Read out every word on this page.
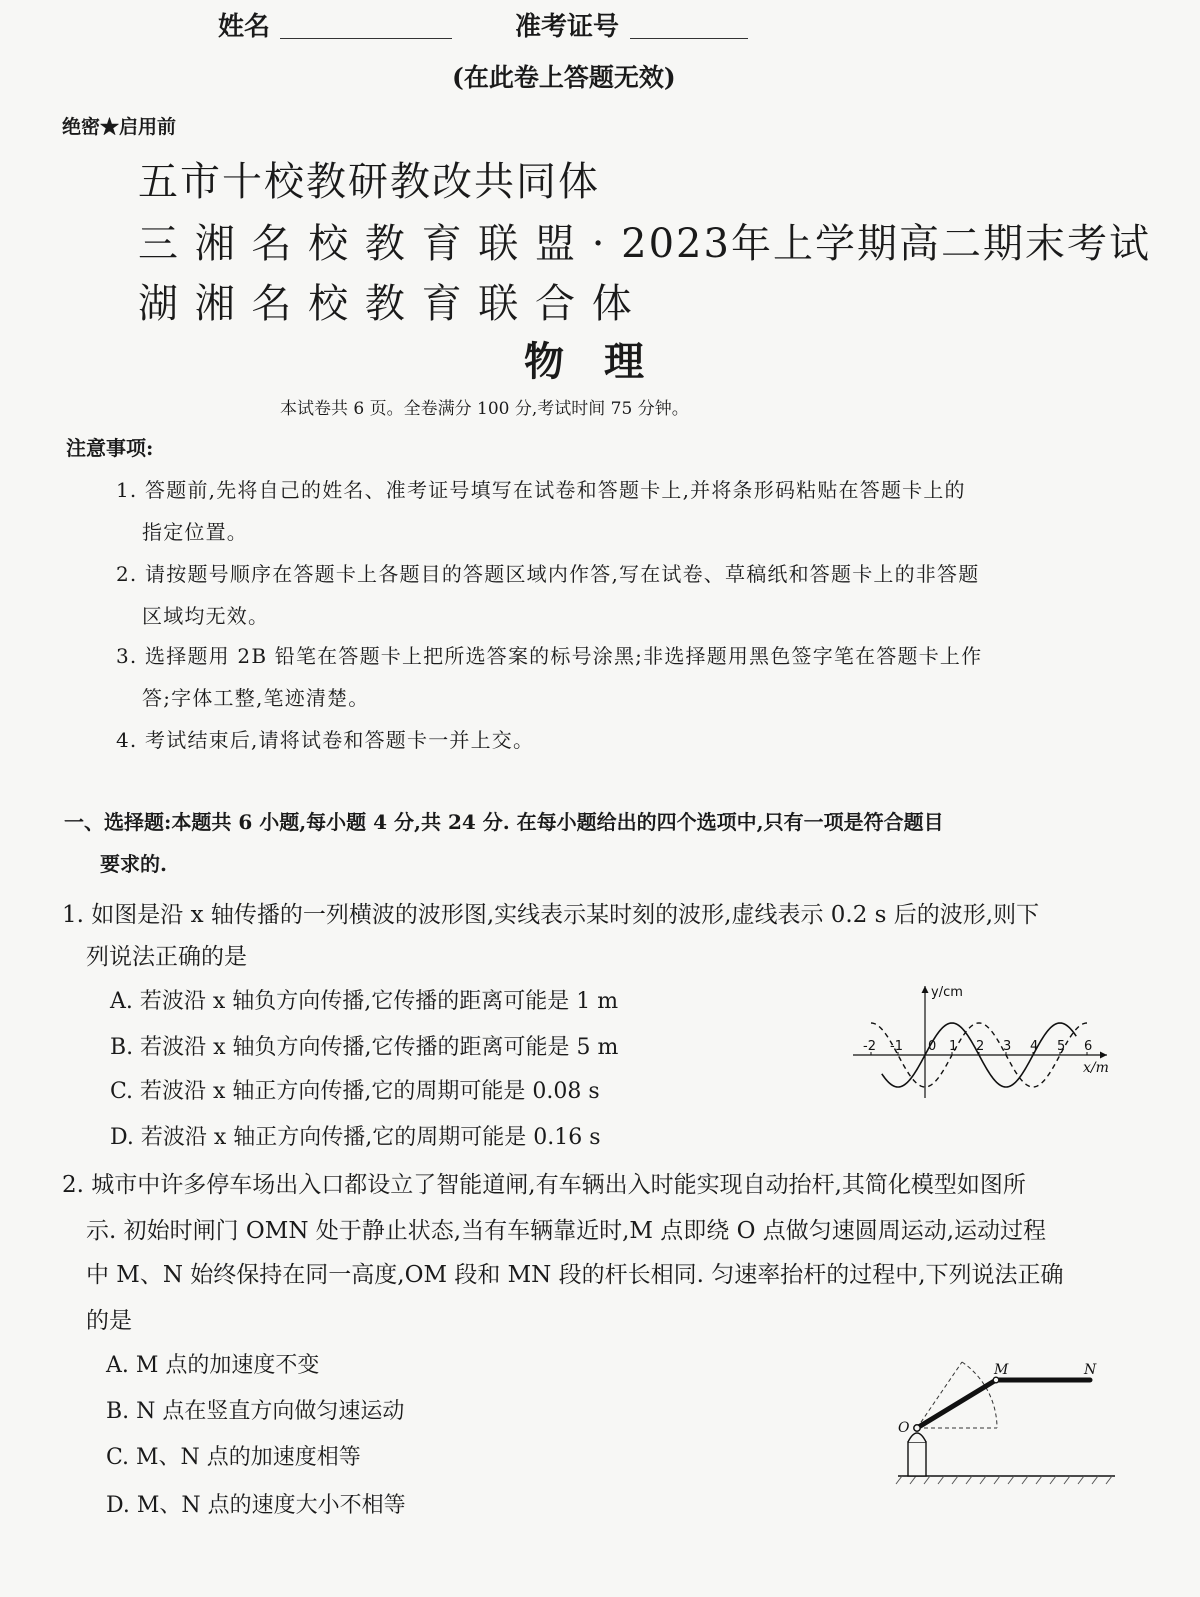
姓名	准考证号
(在此卷上答题无效)
绝密★启用前
五市十校教研教改共同体
三 湘 名 校 教 育 联 盟 · 2023年上学期高二期末考试
湖 湘 名 校 教 育 联 合 体
物　理
本试卷共 6 页。全卷满分 100 分,考试时间 75 分钟。
注意事项:
1. 答题前,先将自己的姓名、准考证号填写在试卷和答题卡上,并将条形码粘贴在答题卡上的
指定位置。
2. 请按题号顺序在答题卡上各题目的答题区域内作答,写在试卷、草稿纸和答题卡上的非答题
区域均无效。
3. 选择题用 2B 铅笔在答题卡上把所选答案的标号涂黑;非选择题用黑色签字笔在答题卡上作
答;字体工整,笔迹清楚。
4. 考试结束后,请将试卷和答题卡一并上交。
一、选择题:本题共 6 小题,每小题 4 分,共 24 分. 在每小题给出的四个选项中,只有一项是符合题目
要求的.
1. 如图是沿 x 轴传播的一列横波的波形图,实线表示某时刻的波形,虚线表示 0.2 s 后的波形,则下
列说法正确的是
A. 若波沿 x 轴负方向传播,它传播的距离可能是 1 m
B. 若波沿 x 轴负方向传播,它传播的距离可能是 5 m
C. 若波沿 x 轴正方向传播,它的周期可能是 0.08 s
D. 若波沿 x 轴正方向传播,它的周期可能是 0.16 s
y/cm
x/m
-2 -1 0 1 2 3 4 5 6
2. 城市中许多停车场出入口都设立了智能道闸,有车辆出入时能实现自动抬杆,其简化模型如图所
示. 初始时闸门 OMN 处于静止状态,当有车辆靠近时,M 点即绕 O 点做匀速圆周运动,运动过程
中 M、N 始终保持在同一高度,OM 段和 MN 段的杆长相同. 匀速率抬杆的过程中,下列说法正确
的是
A. M 点的加速度不变
B. N 点在竖直方向做匀速运动
C. M、N 点的加速度相等
D. M、N 点的速度大小不相等
O
M	N
